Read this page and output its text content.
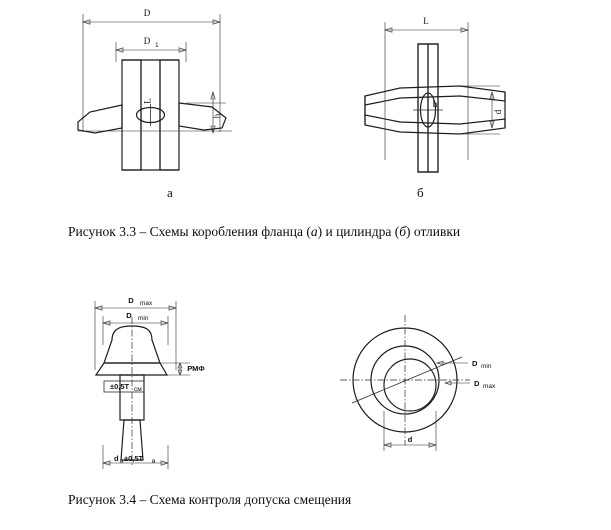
D
D 1
L
h
L
h
d
а	б
Рисунок 3.3 – Схемы коробления фланца (а) и цилиндра (б) отливки
D max
D min
РМФ
±0,5T см
d в ±0,5T в
D min
D max
d
Рисунок 3.4 – Схема контроля допуска смещения
